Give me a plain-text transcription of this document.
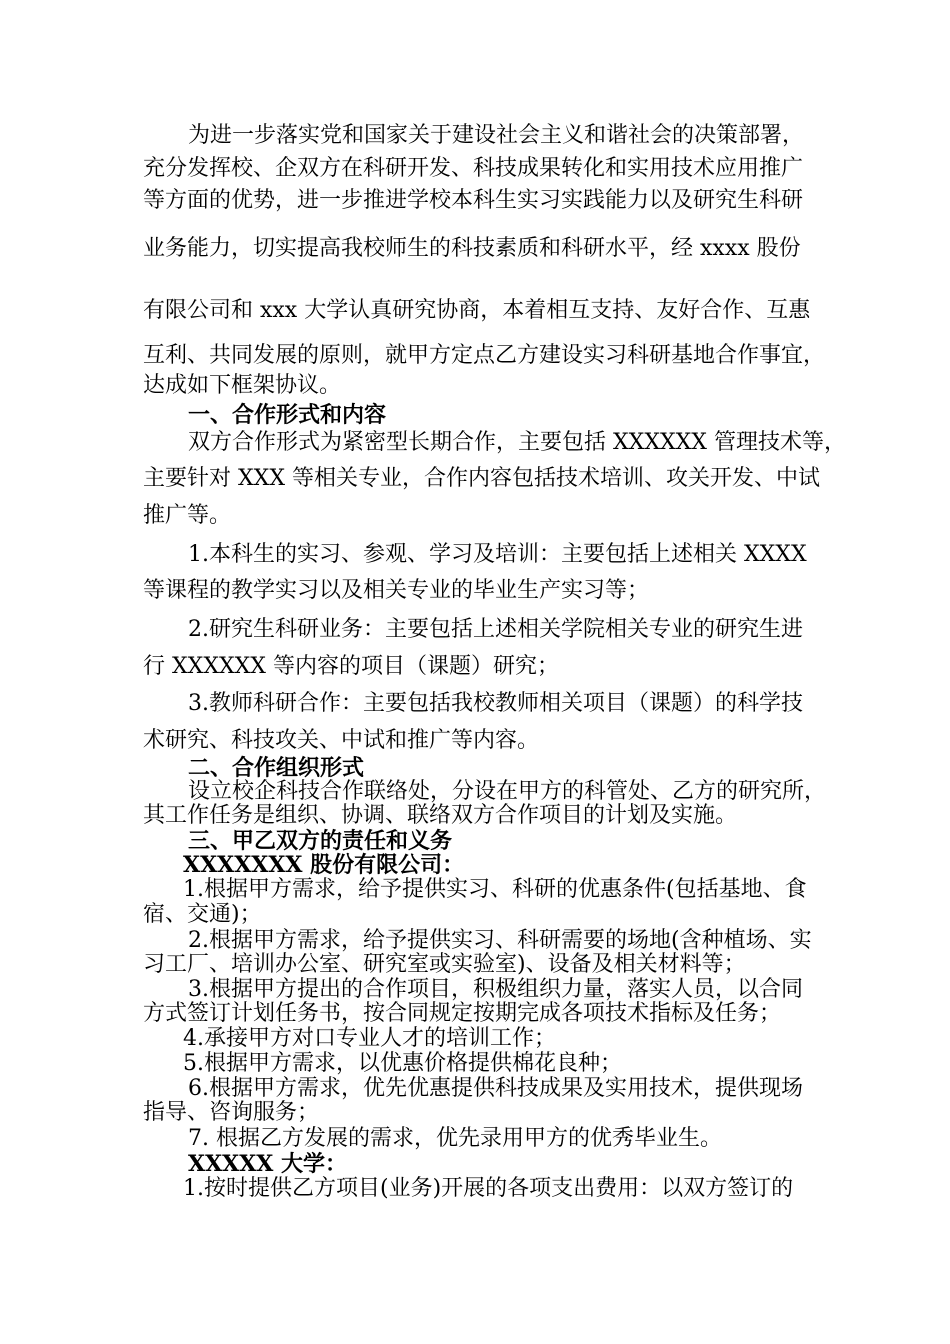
为进一步落实党和国家关于建设社会主义和谐社会的决策部署，
充分发挥校、企双方在科研开发、科技成果转化和实用技术应用推广
等方面的优势，进一步推进学校本科生实习实践能力以及研究生科研
业务能力，切实提高我校师生的科技素质和科研水平，经 xxxx 股份
有限公司和 xxx 大学认真研究协商，本着相互支持、友好合作、互惠
互利、共同发展的原则，就甲方定点乙方建设实习科研基地合作事宜，
达成如下框架协议。
一、合作形式和内容
双方合作形式为紧密型长期合作，主要包括 XXXXXX 管理技术等，
主要针对 XXX 等相关专业，合作内容包括技术培训、攻关开发、中试
推广等。
1.本科生的实习、参观、学习及培训：主要包括上述相关 XXXX
等课程的教学实习以及相关专业的毕业生产实习等；
2.研究生科研业务：主要包括上述相关学院相关专业的研究生进
行 XXXXXX 等内容的项目（课题）研究；
3.教师科研合作：主要包括我校教师相关项目（课题）的科学技
术研究、科技攻关、中试和推广等内容。
二、合作组织形式
设立校企科技合作联络处，分设在甲方的科管处、乙方的研究所，
其工作任务是组织、协调、联络双方合作项目的计划及实施。
三、甲乙双方的责任和义务
XXXXXXX 股份有限公司：
1.根据甲方需求，给予提供实习、科研的优惠条件(包括基地、食
宿、交通)；
2.根据甲方需求，给予提供实习、科研需要的场地(含种植场、实
习工厂、培训办公室、研究室或实验室)、设备及相关材料等；
3.根据甲方提出的合作项目，积极组织力量，落实人员，以合同
方式签订计划任务书，按合同规定按期完成各项技术指标及任务；
4.承接甲方对口专业人才的培训工作；
5.根据甲方需求，以优惠价格提供棉花良种；
6.根据甲方需求，优先优惠提供科技成果及实用技术，提供现场
指导、咨询服务；
7. 根据乙方发展的需求，优先录用甲方的优秀毕业生。
XXXXX 大学：
1.按时提供乙方项目(业务)开展的各项支出费用：以双方签订的
